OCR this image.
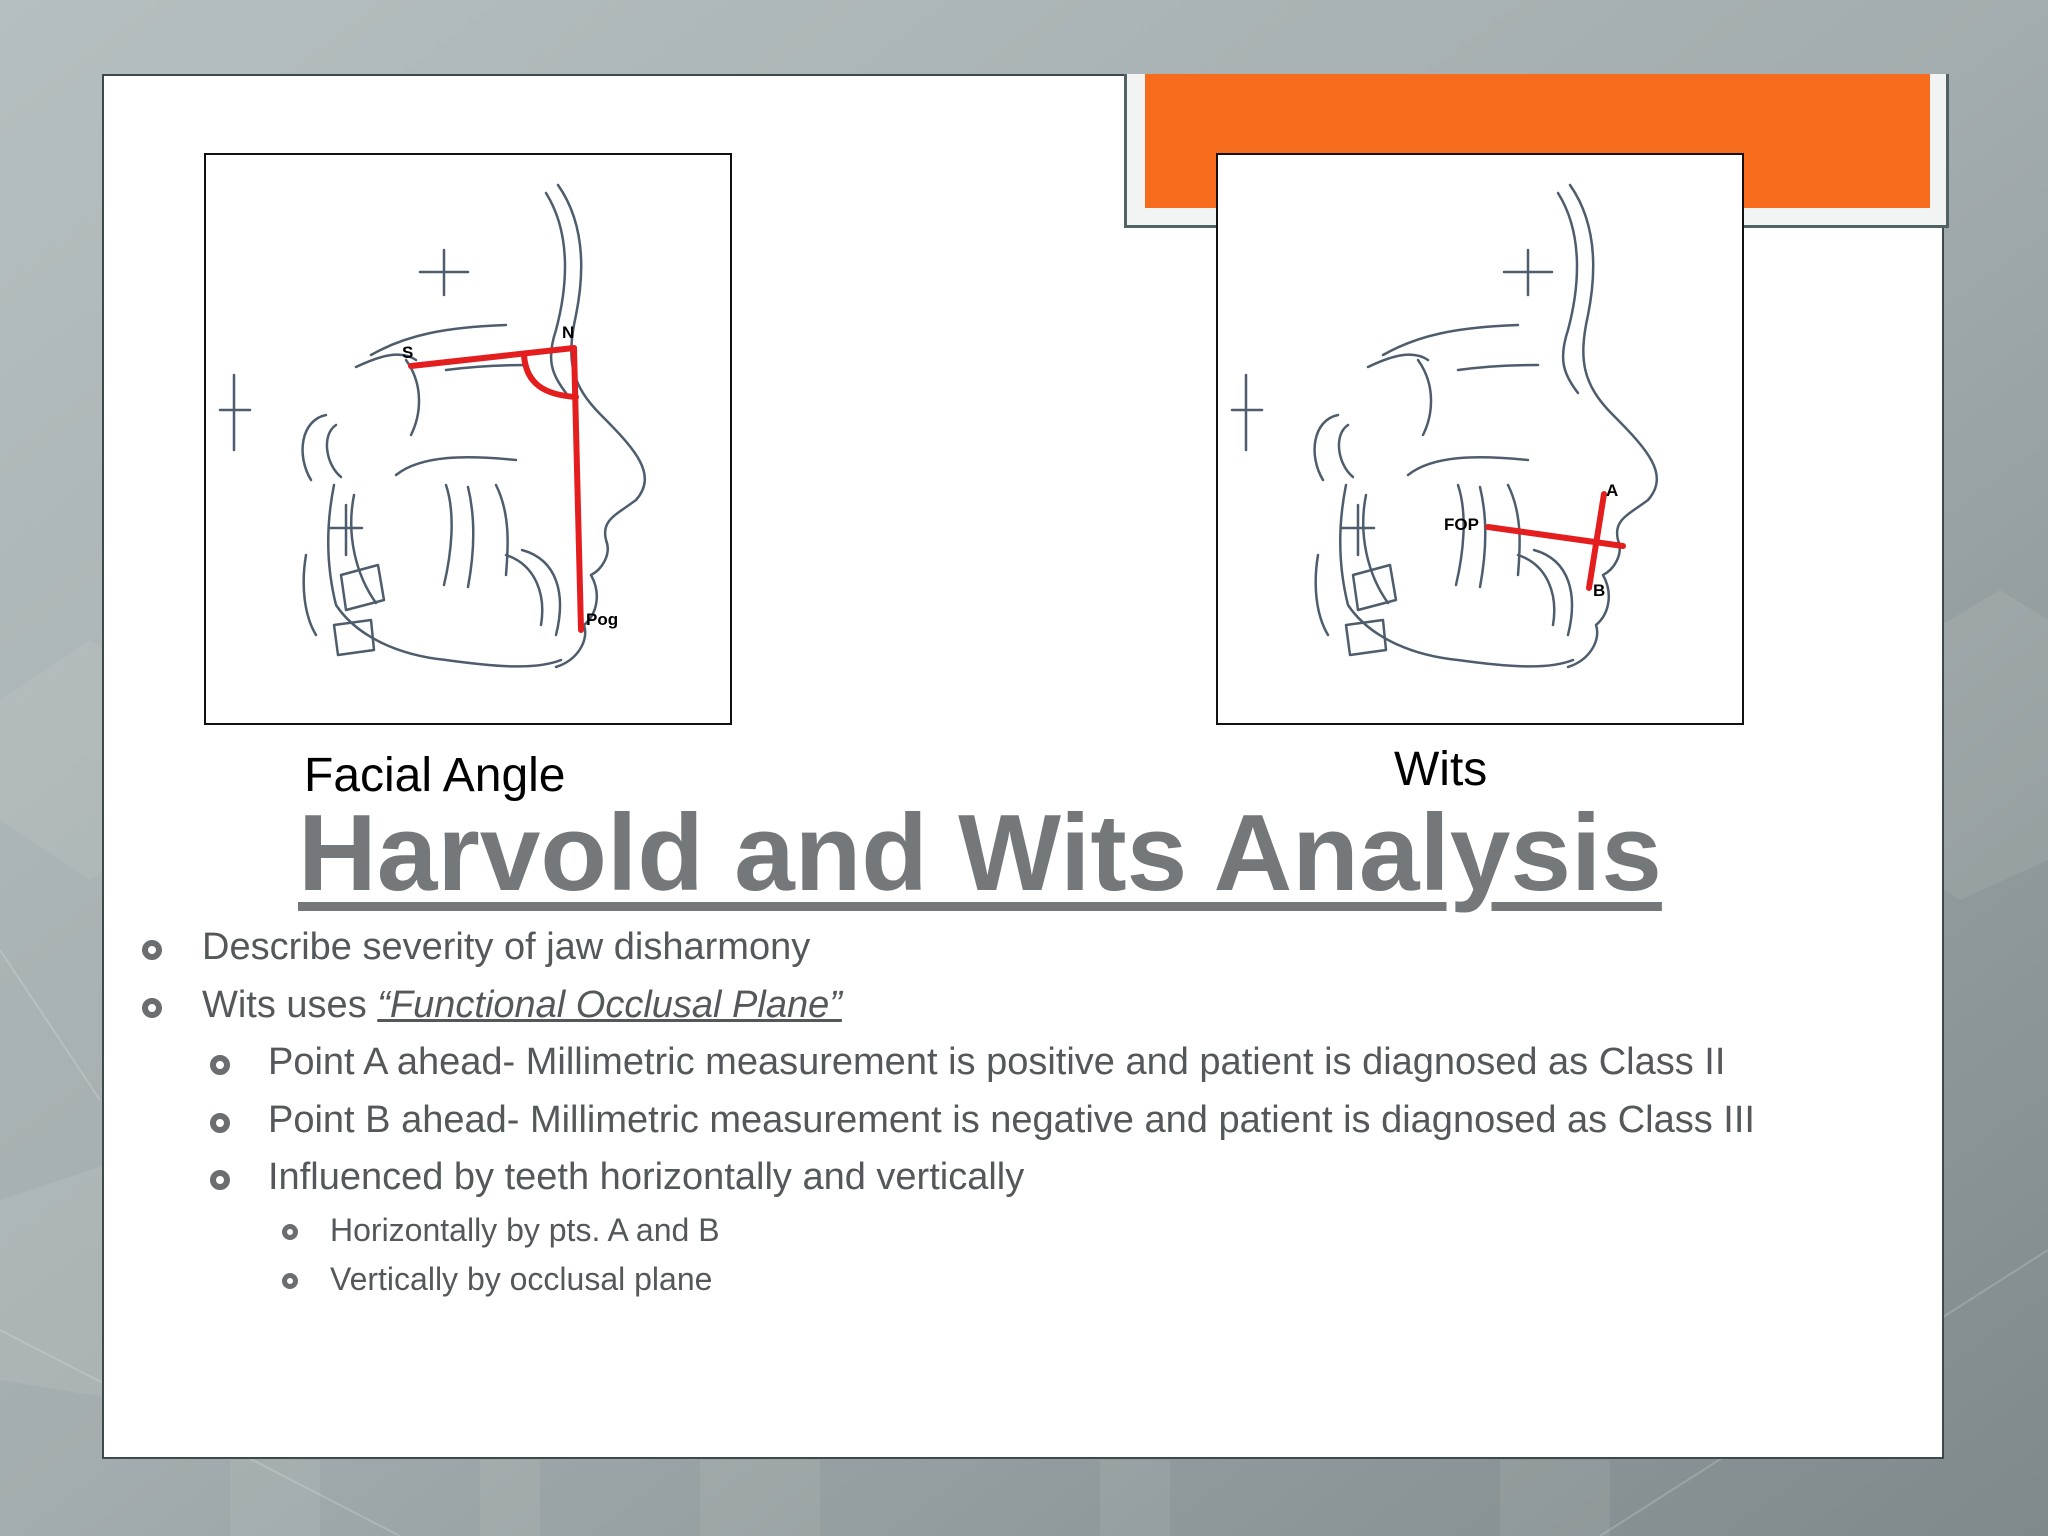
S
N
Pog
A
FOP
B
Facial Angle	Wits
Harvold and Wits Analysis
Describe severity of jaw disharmony
Wits uses “Functional Occlusal Plane”
Point A ahead- Millimetric measurement is positive and patient is diagnosed as Class II
Point B ahead- Millimetric measurement is negative and patient is diagnosed as Class III
Influenced by teeth horizontally and vertically
Horizontally by pts. A and B
Vertically by occlusal plane
